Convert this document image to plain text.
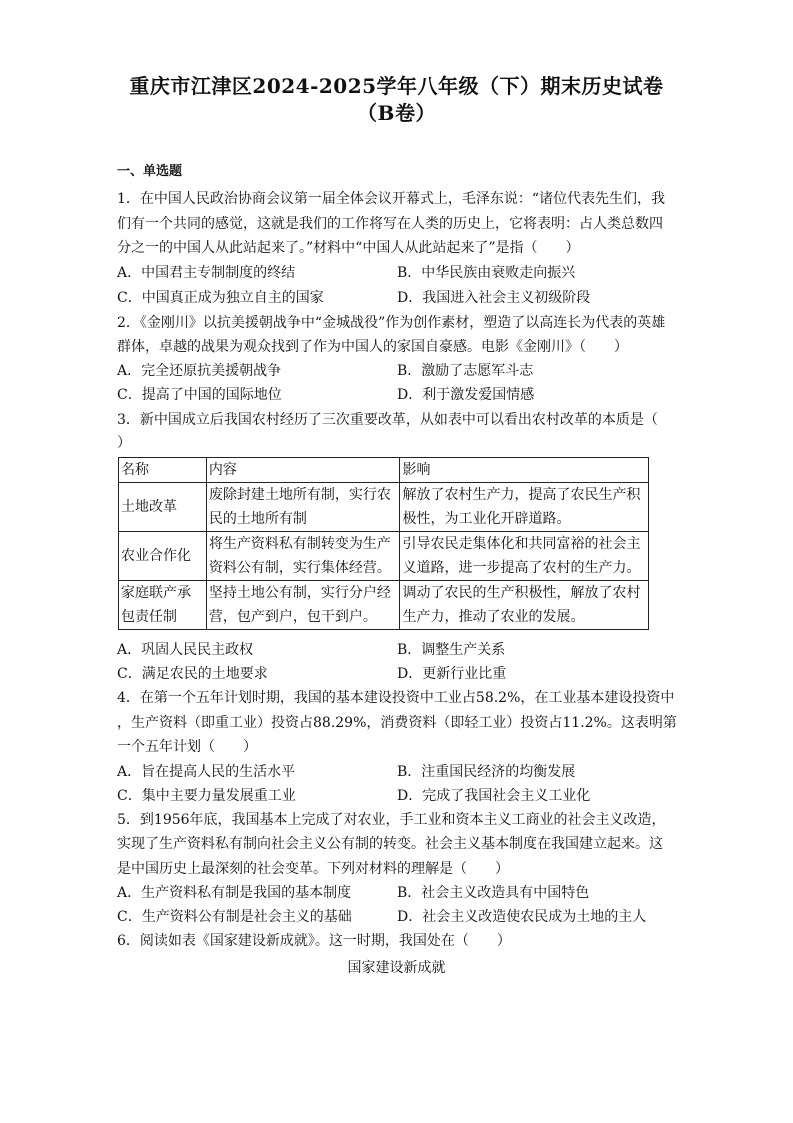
重庆市江津区2024-2025学年八年级（下）期末历史试卷
（B卷）
一、单选题
1．在中国人民政治协商会议第一届全体会议开幕式上，毛泽东说：“诸位代表先生们，我
们有一个共同的感觉，这就是我们的工作将写在人类的历史上，它将表明：占人类总数四
分之一的中国人从此站起来了。”材料中“中国人从此站起来了”是指（　　）
A．中国君主专制制度的终结	B．中华民族由衰败走向振兴
C．中国真正成为独立自主的国家	D．我国进入社会主义初级阶段
2．《金刚川》以抗美援朝战争中“金城战役”作为创作素材，塑造了以高连长为代表的英雄
群体，卓越的战果为观众找到了作为中国人的家国自豪感。电影《金刚川》（　　）
A．完全还原抗美援朝战争	B．激励了志愿军斗志
C．提高了中国的国际地位	D．利于激发爱国情感
3．新中国成立后我国农村经历了三次重要改革，从如表中可以看出农村改革的本质是（
）
名称	内容	影响
土地改革	废除封建土地所有制，实行农民的土地所有制	解放了农村生产力，提高了农民生产积极性，为工业化开辟道路。
农业合作化	将生产资料私有制转变为生产资料公有制，实行集体经营。	引导农民走集体化和共同富裕的社会主义道路，进一步提高了农村的生产力。
家庭联产承包责任制	坚持土地公有制，实行分户经营，包产到户，包干到户。	调动了农民的生产积极性，解放了农村生产力，推动了农业的发展。
A．巩固人民民主政权	B．调整生产关系
C．满足农民的土地要求	D．更新行业比重
4．在第一个五年计划时期，我国的基本建设投资中工业占58.2%，在工业基本建设投资中
，生产资料（即重工业）投资占88.29%，消费资料（即轻工业）投资占11.2%。这表明第
一个五年计划（　　）
A．旨在提高人民的生活水平	B．注重国民经济的均衡发展
C．集中主要力量发展重工业	D．完成了我国社会主义工业化
5．到1956年底，我国基本上完成了对农业，手工业和资本主义工商业的社会主义改造，
实现了生产资料私有制向社会主义公有制的转变。社会主义基本制度在我国建立起来。这
是中国历史上最深刻的社会变革。下列对材料的理解是（　　）
A．生产资料私有制是我国的基本制度	B．社会主义改造具有中国特色
C．生产资料公有制是社会主义的基础	D．社会主义改造使农民成为土地的主人
6．阅读如表《国家建设新成就》。这一时期，我国处在（　　）
国家建设新成就
